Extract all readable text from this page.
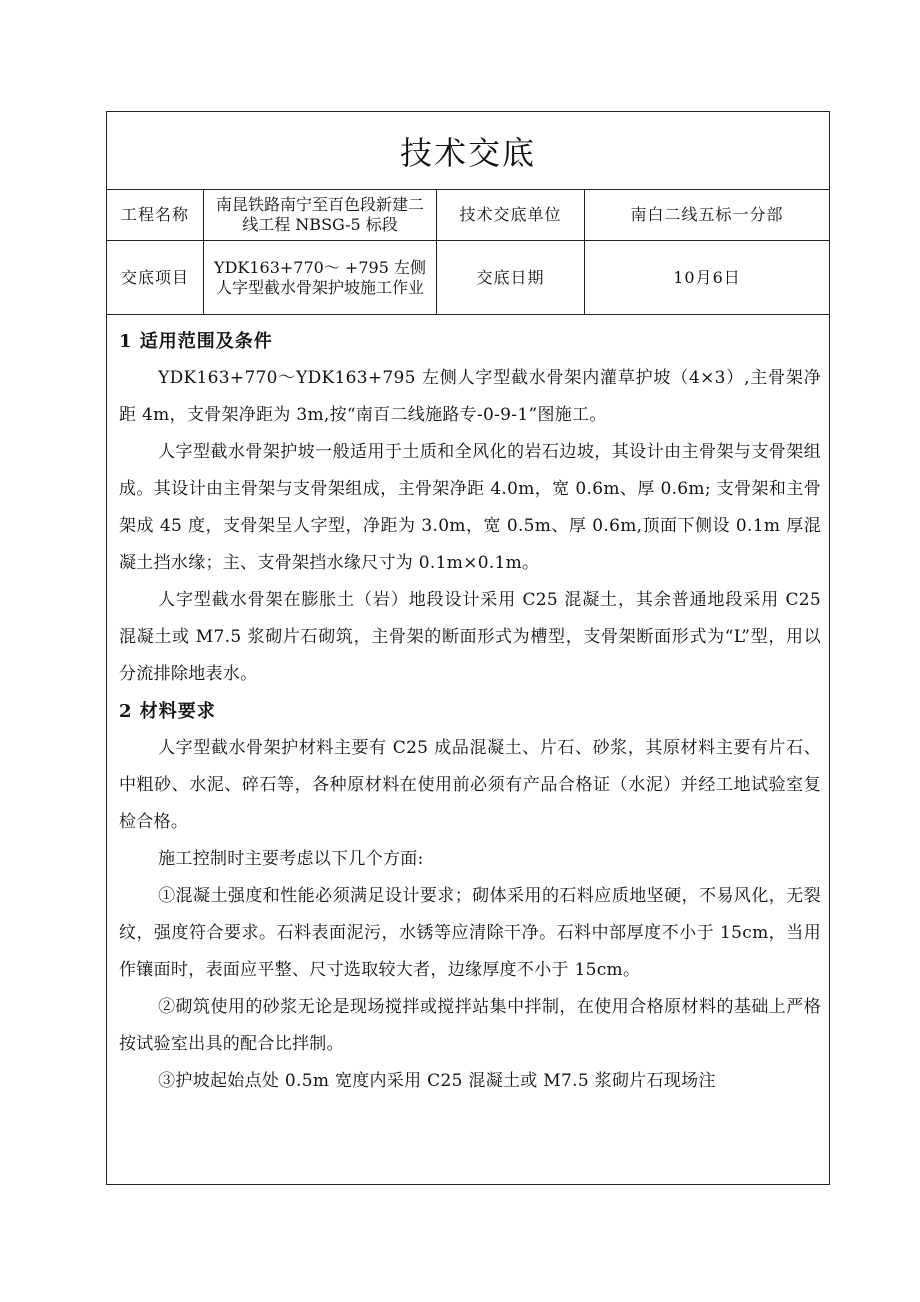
技术交底
工程名称
南昆铁路南宁至百色段新建二线工程 NBSG-5 标段
技术交底单位	南白二线五标一分部
交底项目
YDK163+770～ +795 左侧人字型截水骨架护坡施工作业
交底日期	10月6日

1 适用范围及条件

YDK163+770～YDK163+795 左侧人字型截水骨架内灌草护坡（4×3）,主骨架净距 4m，支骨架净距为 3m,按“南百二线施路专-0-9-1”图施工。

人字型截水骨架护坡一般适用于土质和全风化的岩石边坡，其设计由主骨架与支骨架组成。其设计由主骨架与支骨架组成，主骨架净距 4.0m，宽 0.6m、厚 0.6m; 支骨架和主骨架成 45 度，支骨架呈人字型，净距为 3.0m，宽 0.5m、厚 0.6m,顶面下侧设 0.1m 厚混凝土挡水缘；主、支骨架挡水缘尺寸为 0.1m×0.1m。

人字型截水骨架在膨胀土（岩）地段设计采用 C25 混凝土，其余普通地段采用 C25 混凝土或 M7.5 浆砌片石砌筑，主骨架的断面形式为槽型，支骨架断面形式为“L”型，用以分流排除地表水。

2 材料要求

人字型截水骨架护材料主要有 C25 成品混凝土、片石、砂浆，其原材料主要有片石、中粗砂、水泥、碎石等，各种原材料在使用前必须有产品合格证（水泥）并经工地试验室复检合格。

施工控制时主要考虑以下几个方面:

①混凝土强度和性能必须满足设计要求；砌体采用的石料应质地坚硬，不易风化，无裂纹，强度符合要求。石料表面泥污，水锈等应清除干净。石料中部厚度不小于 15cm，当用作镶面时，表面应平整、尺寸选取较大者，边缘厚度不小于 15cm。

②砌筑使用的砂浆无论是现场搅拌或搅拌站集中拌制，在使用合格原材料的基础上严格按试验室出具的配合比拌制。

③护坡起始点处 0.5m 宽度内采用 C25 混凝土或 M7.5 浆砌片石现场注
